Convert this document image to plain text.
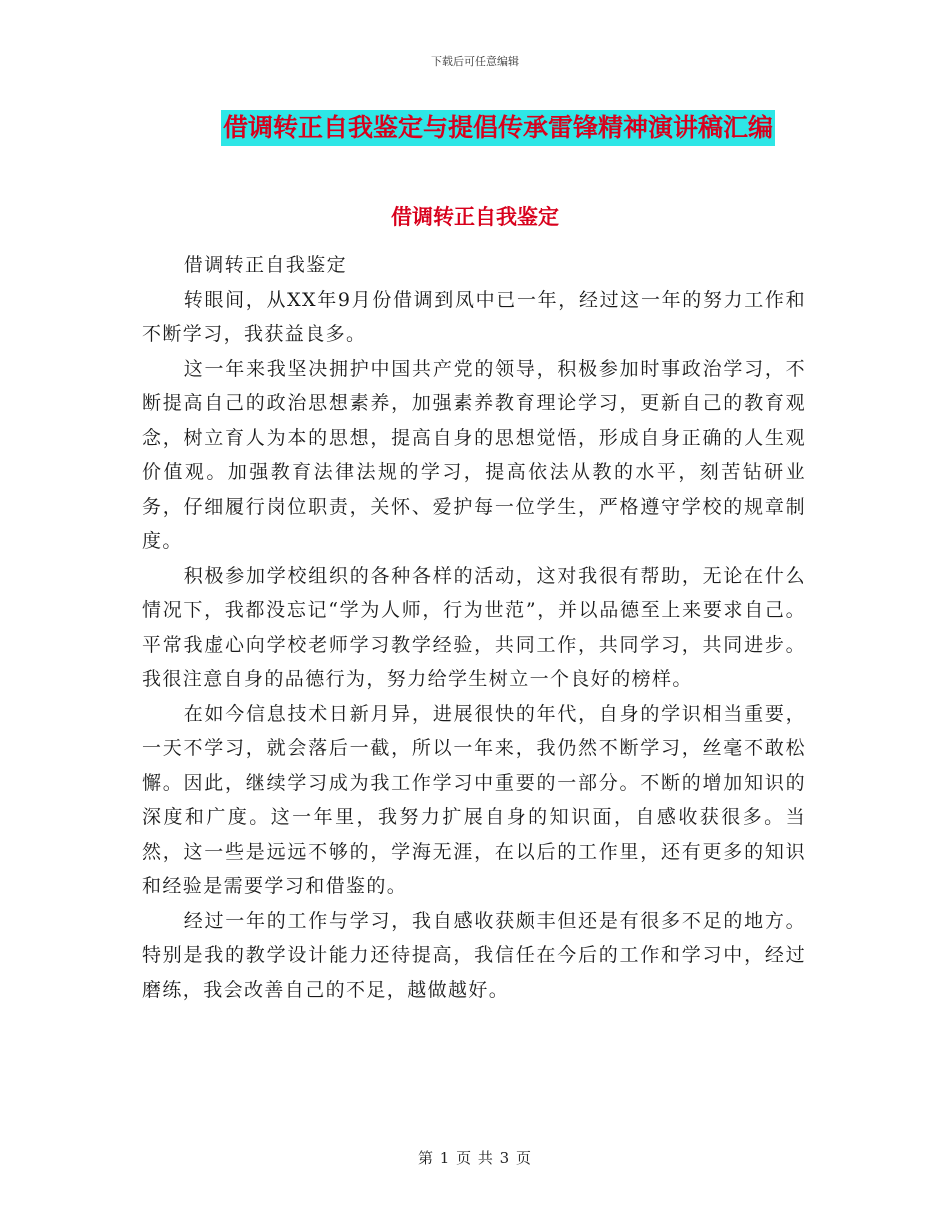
下载后可任意编辑
借调转正自我鉴定与提倡传承雷锋精神演讲稿汇编
借调转正自我鉴定

借调转正自我鉴定

转眼间，从XX年9月份借调到凤中已一年，经过这一年的努力工作和不断学习，我获益良多。

这一年来我坚决拥护中国共产党的领导，积极参加时事政治学习，不断提高自己的政治思想素养，加强素养教育理论学习，更新自己的教育观念，树立育人为本的思想，提高自身的思想觉悟，形成自身正确的人生观价值观。加强教育法律法规的学习，提高依法从教的水平，刻苦钻研业务，仔细履行岗位职责，关怀、爱护每一位学生，严格遵守学校的规章制度。

积极参加学校组织的各种各样的活动，这对我很有帮助，无论在什么情况下，我都没忘记“学为人师，行为世范”，并以品德至上来要求自己。平常我虚心向学校老师学习教学经验，共同工作，共同学习，共同进步。我很注意自身的品德行为，努力给学生树立一个良好的榜样。

在如今信息技术日新月异，进展很快的年代，自身的学识相当重要，一天不学习，就会落后一截，所以一年来，我仍然不断学习，丝毫不敢松懈。因此，继续学习成为我工作学习中重要的一部分。不断的增加知识的深度和广度。这一年里，我努力扩展自身的知识面，自感收获很多。当然，这一些是远远不够的，学海无涯，在以后的工作里，还有更多的知识和经验是需要学习和借鉴的。

经过一年的工作与学习，我自感收获颇丰但还是有很多不足的地方。特别是我的教学设计能力还待提高，我信任在今后的工作和学习中，经过磨练，我会改善自己的不足，越做越好。

第 1 页 共 3 页
